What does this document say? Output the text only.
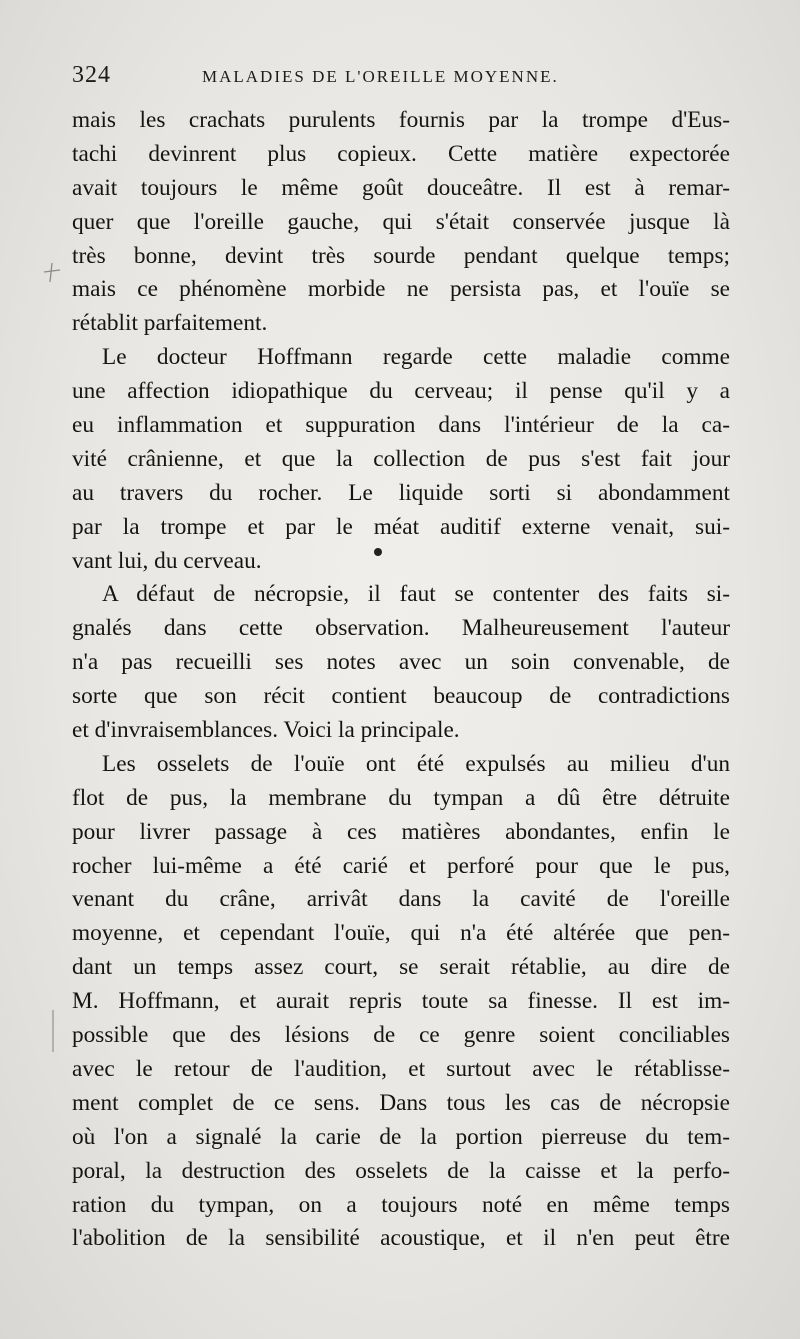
324	MALADIES DE L'OREILLE MOYENNE.
mais les crachats purulents fournis par la trompe d'Eus-
tachi devinrent plus copieux. Cette matière expectorée
avait toujours le même goût douceâtre. Il est à remar-
quer que l'oreille gauche, qui s'était conservée jusque là
très bonne, devint très sourde pendant quelque temps;
mais ce phénomène morbide ne persista pas, et l'ouïe se
rétablit parfaitement.
Le docteur Hoffmann regarde cette maladie comme
une affection idiopathique du cerveau; il pense qu'il y a
eu inflammation et suppuration dans l'intérieur de la ca-
vité crânienne, et que la collection de pus s'est fait jour
au travers du rocher. Le liquide sorti si abondamment
par la trompe et par le méat auditif externe venait, sui-
vant lui, du cerveau.
A défaut de nécropsie, il faut se contenter des faits si-
gnalés dans cette observation. Malheureusement l'auteur
n'a pas recueilli ses notes avec un soin convenable, de
sorte que son récit contient beaucoup de contradictions
et d'invraisemblances. Voici la principale.
Les osselets de l'ouïe ont été expulsés au milieu d'un
flot de pus, la membrane du tympan a dû être détruite
pour livrer passage à ces matières abondantes, enfin le
rocher lui-même a été carié et perforé pour que le pus,
venant du crâne, arrivât dans la cavité de l'oreille
moyenne, et cependant l'ouïe, qui n'a été altérée que pen-
dant un temps assez court, se serait rétablie, au dire de
M. Hoffmann, et aurait repris toute sa finesse. Il est im-
possible que des lésions de ce genre soient conciliables
avec le retour de l'audition, et surtout avec le rétablisse-
ment complet de ce sens. Dans tous les cas de nécropsie
où l'on a signalé la carie de la portion pierreuse du tem-
poral, la destruction des osselets de la caisse et la perfo-
ration du tympan, on a toujours noté en même temps
l'abolition de la sensibilité acoustique, et il n'en peut être
